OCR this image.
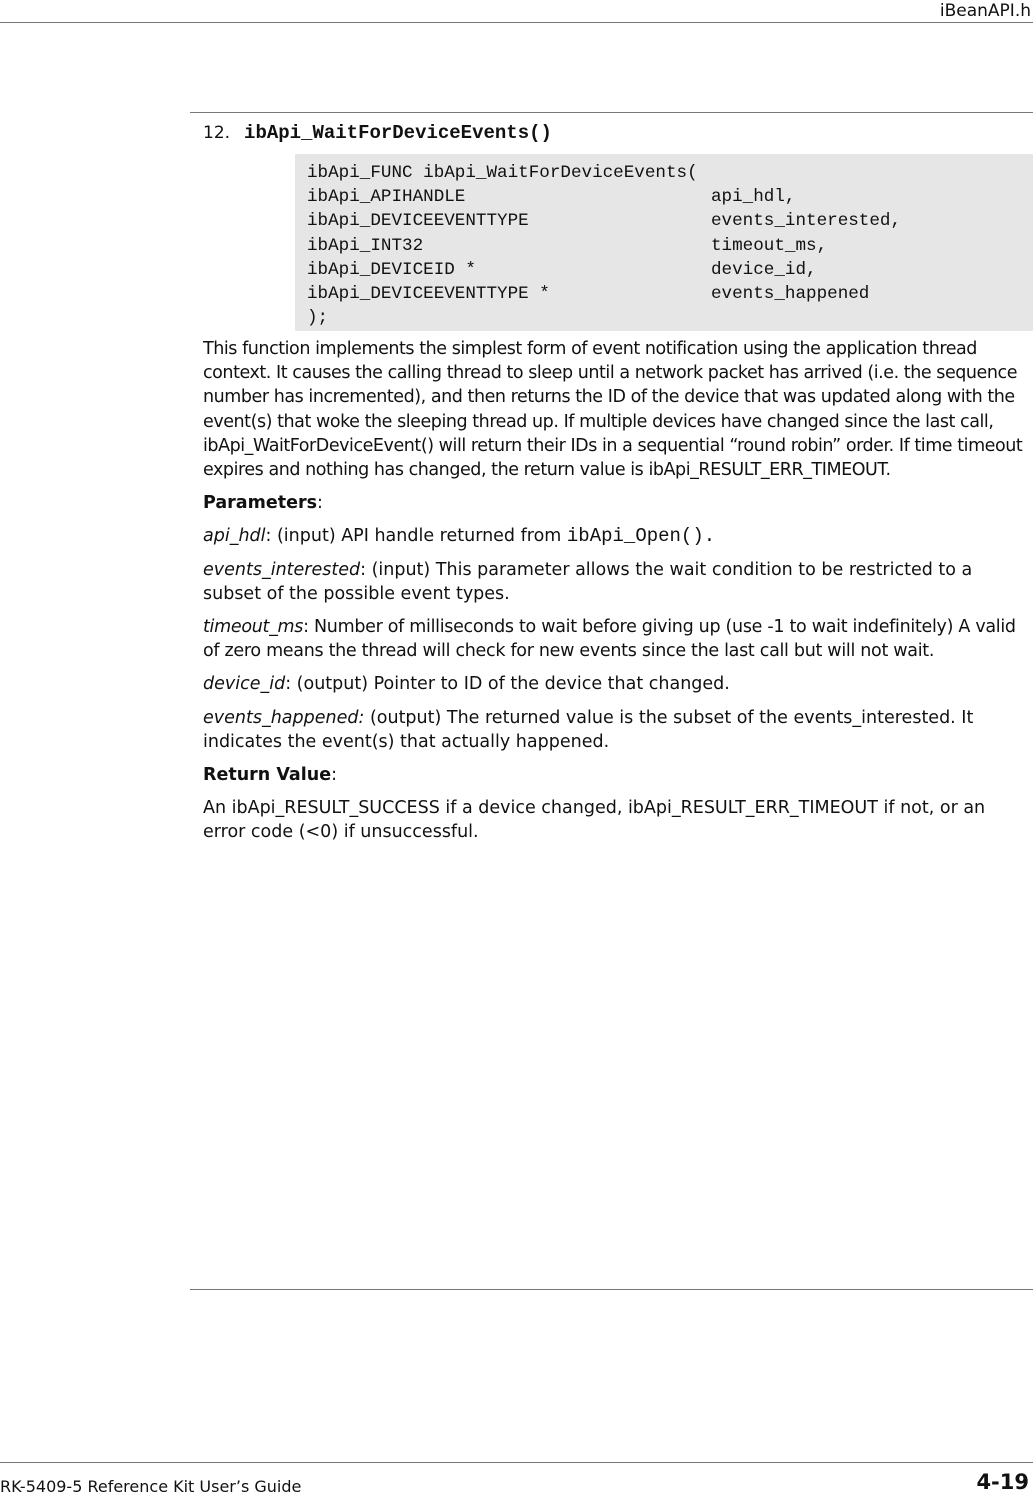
iBeanAPI.h
12. ibApi_WaitForDeviceEvents()
ibApi_FUNC ibApi_WaitForDeviceEvents(
ibApi_APIHANDLE	api_hdl,
ibApi_DEVICEEVENTTYPE	events_interested,
ibApi_INT32	timeout_ms,
ibApi_DEVICEID *	device_id,
ibApi_DEVICEEVENTTYPE *	events_happened
);

This function implements the simplest form of event notification using the application thread context. It causes the calling thread to sleep until a network packet has arrived (i.e. the sequence number has incremented), and then returns the ID of the device that was updated along with the event(s) that woke the sleeping thread up. If multiple devices have changed since the last call, ibApi_WaitForDeviceEvent() will return their IDs in a sequential “round robin” order. If time timeout expires and nothing has changed, the return value is ibApi_RESULT_ERR_TIMEOUT.

Parameters:

api_hdl: (input) API handle returned from ibApi_Open().

events_interested: (input) This parameter allows the wait condition to be restricted to a subset of the possible event types.

timeout_ms: Number of milliseconds to wait before giving up (use -1 to wait indefinitely) A valid of zero means the thread will check for new events since the last call but will not wait.

device_id: (output) Pointer to ID of the device that changed.

events_happened: (output) The returned value is the subset of the events_interested. It indicates the event(s) that actually happened.

Return Value:

An ibApi_RESULT_SUCCESS if a device changed, ibApi_RESULT_ERR_TIMEOUT if not, or an error code (<0) if unsuccessful.

RK-5409-5 Reference Kit User’s Guide	4-19
